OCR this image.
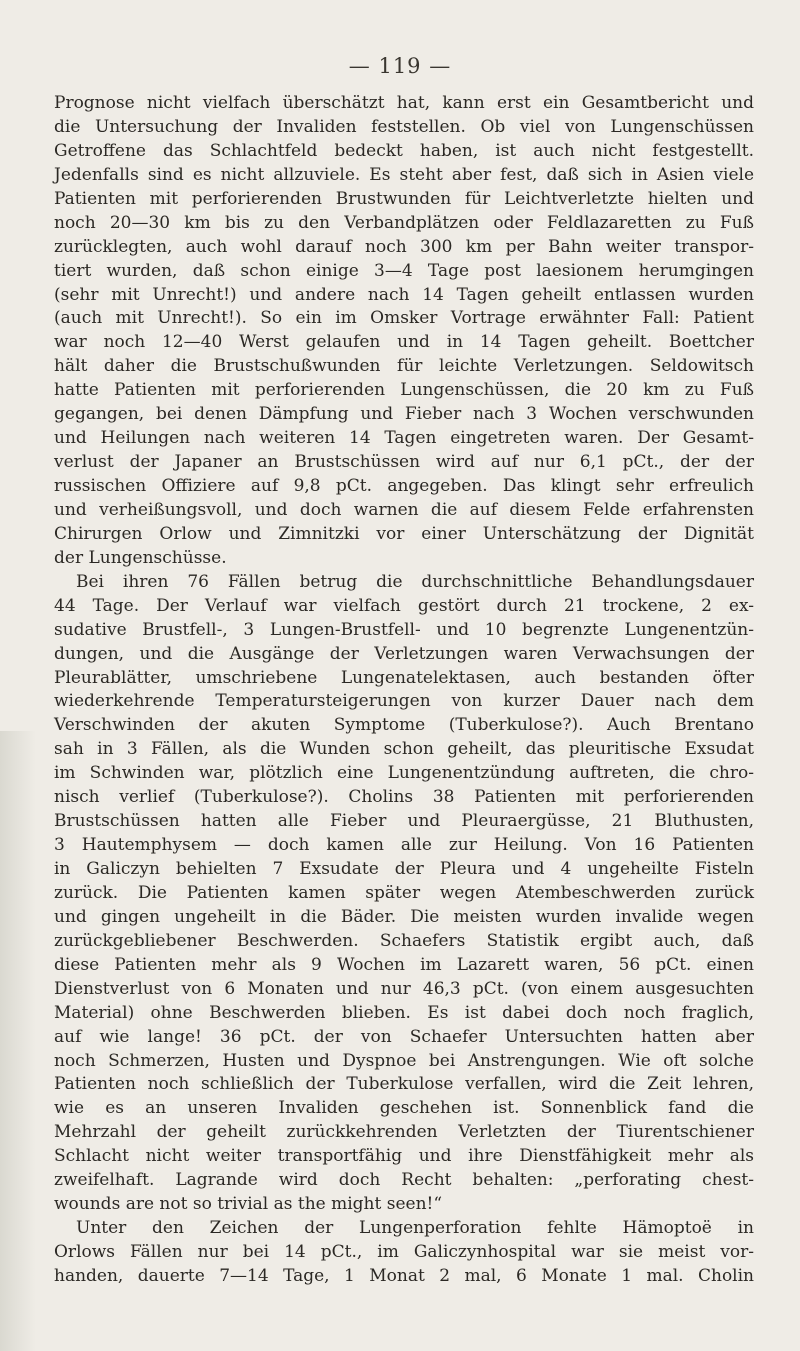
— 119 —
Prognose nicht vielfach überschätzt hat, kann erst ein Gesamtbericht und
die Untersuchung der Invaliden feststellen. Ob viel von Lungenschüssen
Getroffene das Schlachtfeld bedeckt haben, ist auch nicht festgestellt.
Jedenfalls sind es nicht allzuviele. Es steht aber fest, daß sich in Asien viele
Patienten mit perforierenden Brustwunden für Leichtverletzte hielten und
noch 20—30 km bis zu den Verbandplätzen oder Feldlazaretten zu Fuß
zurücklegten, auch wohl darauf noch 300 km per Bahn weiter transpor-
tiert wurden, daß schon einige 3—4 Tage post laesionem herumgingen
(sehr mit Unrecht!) und andere nach 14 Tagen geheilt entlassen wurden
(auch mit Unrecht!). So ein im Omsker Vortrage erwähnter Fall: Patient
war noch 12—40 Werst gelaufen und in 14 Tagen geheilt. Boettcher
hält daher die Brustschußwunden für leichte Verletzungen. Seldowitsch
hatte Patienten mit perforierenden Lungenschüssen, die 20 km zu Fuß
gegangen, bei denen Dämpfung und Fieber nach 3 Wochen verschwunden
und Heilungen nach weiteren 14 Tagen eingetreten waren. Der Gesamt-
verlust der Japaner an Brustschüssen wird auf nur 6,1 pCt., der der
russischen Offiziere auf 9,8 pCt. angegeben. Das klingt sehr erfreulich
und verheißungsvoll, und doch warnen die auf diesem Felde erfahrensten
Chirurgen Orlow und Zimnitzki vor einer Unterschätzung der Dignität
der Lungenschüsse.
Bei ihren 76 Fällen betrug die durchschnittliche Behandlungsdauer
44 Tage. Der Verlauf war vielfach gestört durch 21 trockene, 2 ex-
sudative Brustfell-, 3 Lungen-Brustfell- und 10 begrenzte Lungenentzün-
dungen, und die Ausgänge der Verletzungen waren Verwachsungen der
Pleurablätter, umschriebene Lungenatelektasen, auch bestanden öfter
wiederkehrende Temperatursteigerungen von kurzer Dauer nach dem
Verschwinden der akuten Symptome (Tuberkulose?). Auch Brentano
sah in 3 Fällen, als die Wunden schon geheilt, das pleuritische Exsudat
im Schwinden war, plötzlich eine Lungenentzündung auftreten, die chro-
nisch verlief (Tuberkulose?). Cholins 38 Patienten mit perforierenden
Brustschüssen hatten alle Fieber und Pleuraergüsse, 21 Bluthusten,
3 Hautemphysem — doch kamen alle zur Heilung. Von 16 Patienten
in Galiczyn behielten 7 Exsudate der Pleura und 4 ungeheilte Fisteln
zurück. Die Patienten kamen später wegen Atembeschwerden zurück
und gingen ungeheilt in die Bäder. Die meisten wurden invalide wegen
zurückgebliebener Beschwerden. Schaefers Statistik ergibt auch, daß
diese Patienten mehr als 9 Wochen im Lazarett waren, 56 pCt. einen
Dienstverlust von 6 Monaten und nur 46,3 pCt. (von einem ausgesuchten
Material) ohne Beschwerden blieben. Es ist dabei doch noch fraglich,
auf wie lange! 36 pCt. der von Schaefer Untersuchten hatten aber
noch Schmerzen, Husten und Dyspnoe bei Anstrengungen. Wie oft solche
Patienten noch schließlich der Tuberkulose verfallen, wird die Zeit lehren,
wie es an unseren Invaliden geschehen ist. Sonnenblick fand die
Mehrzahl der geheilt zurückkehrenden Verletzten der Tiurentschiener
Schlacht nicht weiter transportfähig und ihre Dienstfähigkeit mehr als
zweifelhaft. Lagrande wird doch Recht behalten: „perforating chest-
wounds are not so trivial as the might seen!“
Unter den Zeichen der Lungenperforation fehlte Hämoptoë in
Orlows Fällen nur bei 14 pCt., im Galiczynhospital war sie meist vor-
handen, dauerte 7—14 Tage, 1 Monat 2 mal, 6 Monate 1 mal. Cholin
